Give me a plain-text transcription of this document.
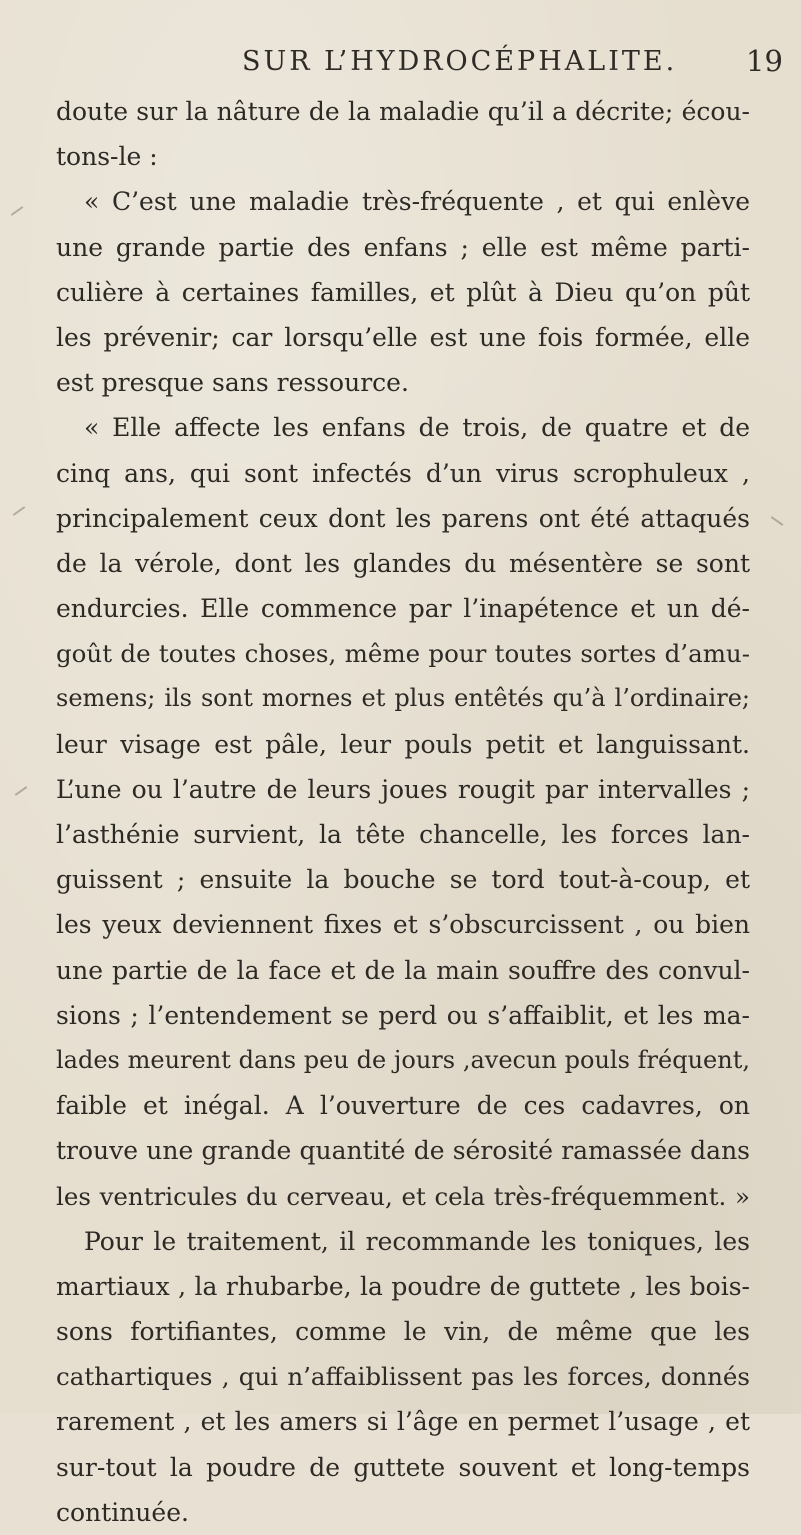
SUR L’HYDROCÉPHALITE. 19
doute sur la nâture de la maladie qu’il a décrite; écou-
tons-le :
« C’est une maladie très-fréquente , et qui enlève
une grande partie des enfans ; elle est même parti-
culière à certaines familles, et plût à Dieu qu’on pût
les prévenir; car lorsqu’elle est une fois formée, elle
est presque sans ressource.
« Elle affecte les enfans de trois, de quatre et de
cinq ans, qui sont infectés d’un virus scrophuleux ,
principalement ceux dont les parens ont été attaqués
de la vérole, dont les glandes du mésentère se sont
endurcies. Elle commence par l’inapétence et un dé-
goût de toutes choses, même pour toutes sortes d’amu-
semens; ils sont mornes et plus entêtés qu’à l’ordinaire;
leur visage est pâle, leur pouls petit et languissant.
L’une ou l’autre de leurs joues rougit par intervalles ;
l’asthénie survient, la tête chancelle, les forces lan-
guissent ; ensuite la bouche se tord tout-à-coup, et
les yeux deviennent fixes et s’obscurcissent , ou bien
une partie de la face et de la main souffre des convul-
sions ; l’entendement se perd ou s’affaiblit, et les ma-
lades meurent dans peu de jours ,avecun pouls fréquent,
faible et inégal. A l’ouverture de ces cadavres, on
trouve une grande quantité de sérosité ramassée dans
les ventricules du cerveau, et cela très-fréquemment. »
Pour le traitement, il recommande les toniques, les
martiaux , la rhubarbe, la poudre de guttete , les bois-
sons fortifiantes, comme le vin, de même que les
cathartiques , qui n’affaiblissent pas les forces, donnés
rarement , et les amers si l’âge en permet l’usage , et
sur-tout la poudre de guttete souvent et long-temps
continuée.
